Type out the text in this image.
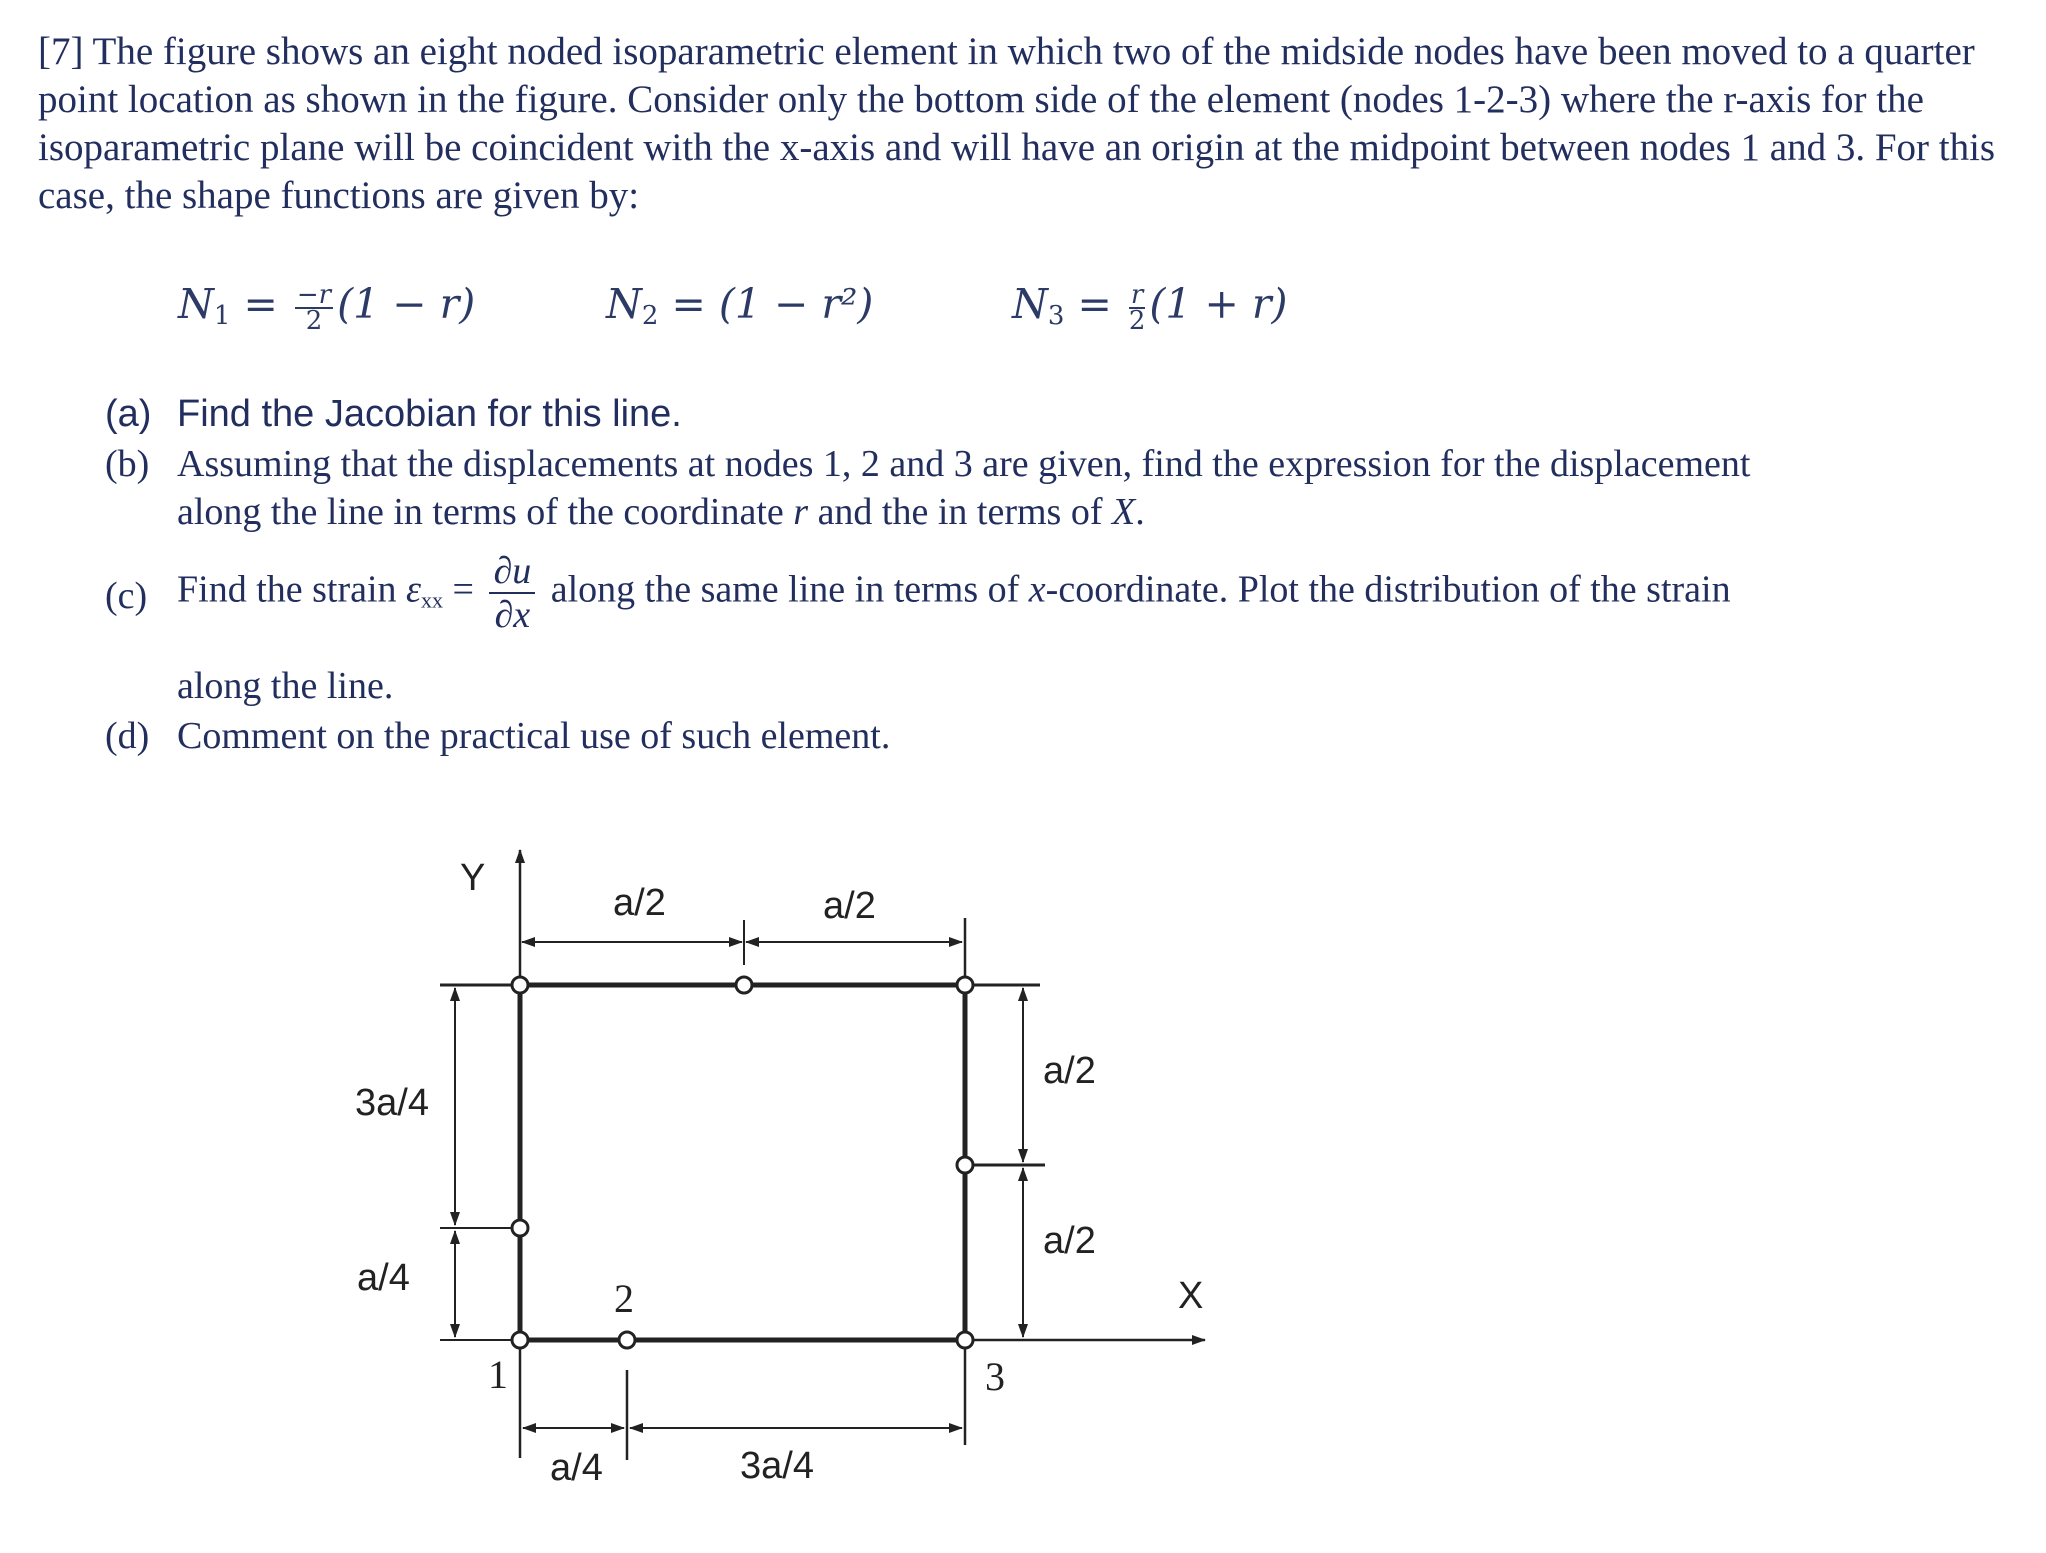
[7] The figure shows an eight noded isoparametric element in which two of the midside nodes have been moved to a quarter point location as shown in the figure. Consider only the bottom side of the element (nodes 1-2-3) where the r-axis for the isoparametric plane will be coincident with the x-axis and will have an origin at the midpoint between nodes 1 and 3. For this case, the shape functions are given by:

$N_1 = \frac{-r}{2} (1 - r)$	$N_2 = (1 - r^2)$	$N_3 = \frac{r}{2} (1 + r)$
(a) Find the Jacobian for this line.
(b) Assuming that the displacements at nodes 1, 2 and 3 are given, find the expression for the displacement
along the line in terms of the coordinate r and the in terms of X.
(c) Find the strain $\varepsilon_{xx} = \frac{\partial u}{\partial x}$ along the same line in terms of x-coordinate. Plot the distribution of the strain
along the line.
(d) Comment on the practical use of such element.
Y
X
a/2	a/2
a/2
a/2
3a/4
a/4
a/4	3a/4
1
2
3
